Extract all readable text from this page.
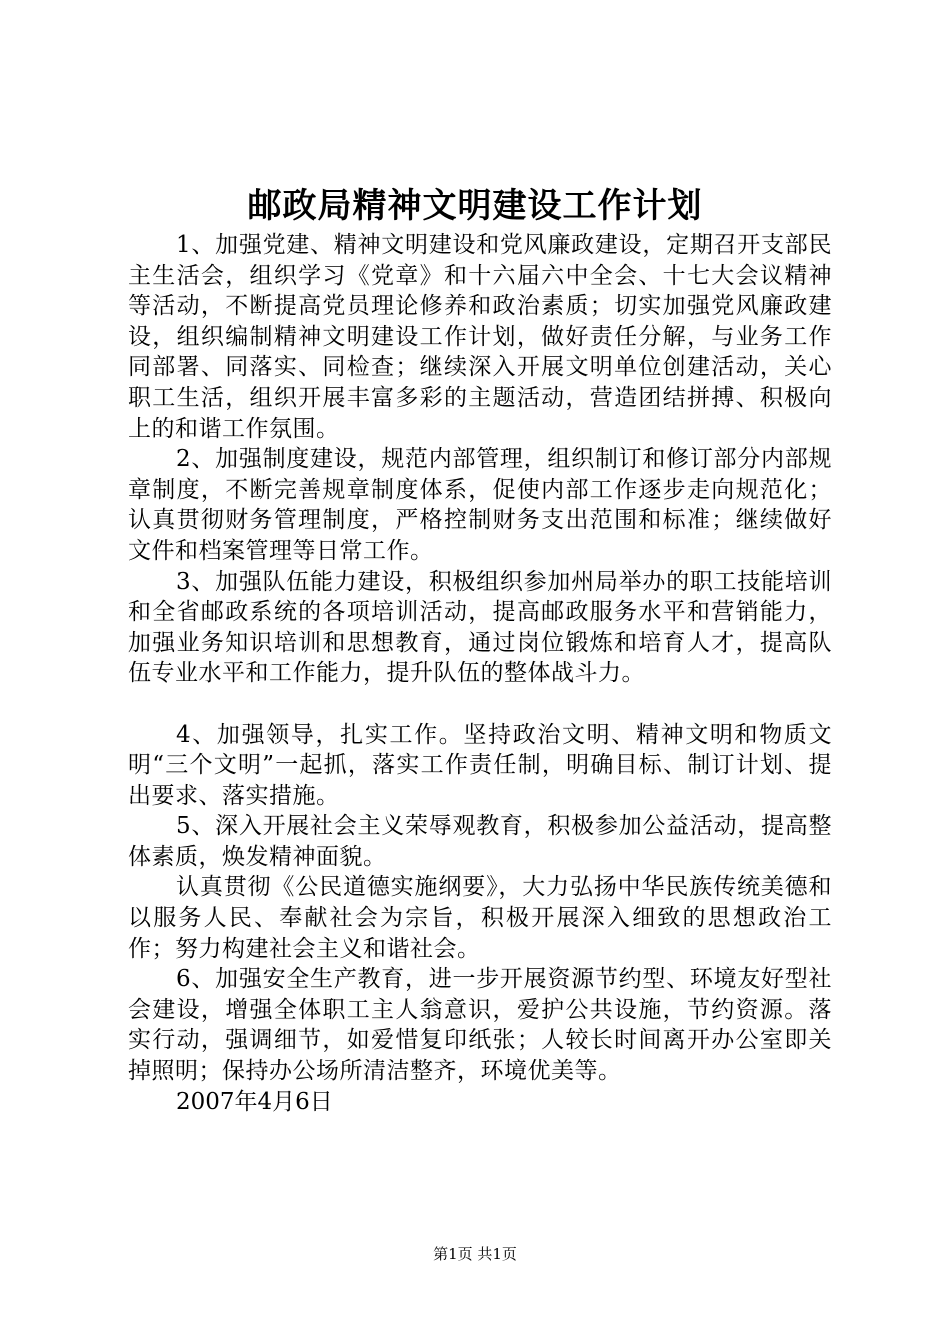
邮政局精神文明建设工作计划

1、加强党建、精神文明建设和党风廉政建设，定期召开支部民主生活会，组织学习《党章》和十六届六中全会、十七大会议精神等活动，不断提高党员理论修养和政治素质；切实加强党风廉政建设，组织编制精神文明建设工作计划，做好责任分解，与业务工作同部署、同落实、同检查；继续深入开展文明单位创建活动，关心职工生活，组织开展丰富多彩的主题活动，营造团结拼搏、积极向上的和谐工作氛围。

2、加强制度建设，规范内部管理，组织制订和修订部分内部规章制度，不断完善规章制度体系，促使内部工作逐步走向规范化；认真贯彻财务管理制度，严格控制财务支出范围和标准；继续做好文件和档案管理等日常工作。

3、加强队伍能力建设，积极组织参加州局举办的职工技能培训和全省邮政系统的各项培训活动，提高邮政服务水平和营销能力，加强业务知识培训和思想教育，通过岗位锻炼和培育人才，提高队伍专业水平和工作能力，提升队伍的整体战斗力。

4、加强领导，扎实工作。坚持政治文明、精神文明和物质文明“三个文明”一起抓，落实工作责任制，明确目标、制订计划、提出要求、落实措施。

5、深入开展社会主义荣辱观教育，积极参加公益活动，提高整体素质，焕发精神面貌。

认真贯彻《公民道德实施纲要》，大力弘扬中华民族传统美德和以服务人民、奉献社会为宗旨，积极开展深入细致的思想政治工作；努力构建社会主义和谐社会。

6、加强安全生产教育，进一步开展资源节约型、环境友好型社会建设，增强全体职工主人翁意识，爱护公共设施，节约资源。落实行动，强调细节，如爱惜复印纸张；人较长时间离开办公室即关掉照明；保持办公场所清洁整齐，环境优美等。

2007年4月6日

第1页 共1页
